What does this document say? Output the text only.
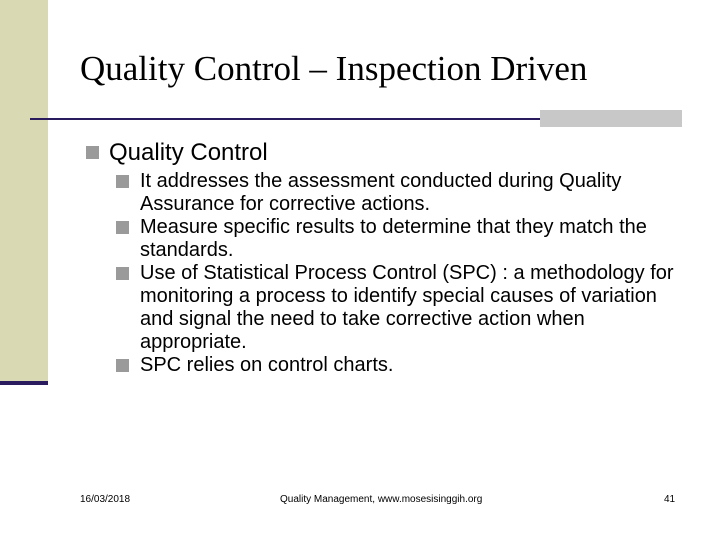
Quality Control – Inspection Driven
Quality Control
It addresses the assessment conducted during Quality Assurance for corrective actions.
Measure specific results to determine that they match the standards.
Use of Statistical Process Control (SPC) : a methodology for monitoring a process to identify special causes of variation and signal the need to take corrective action when appropriate.
SPC relies on control charts.
16/03/2018	Quality Management, www.mosesisinggih.org	41
